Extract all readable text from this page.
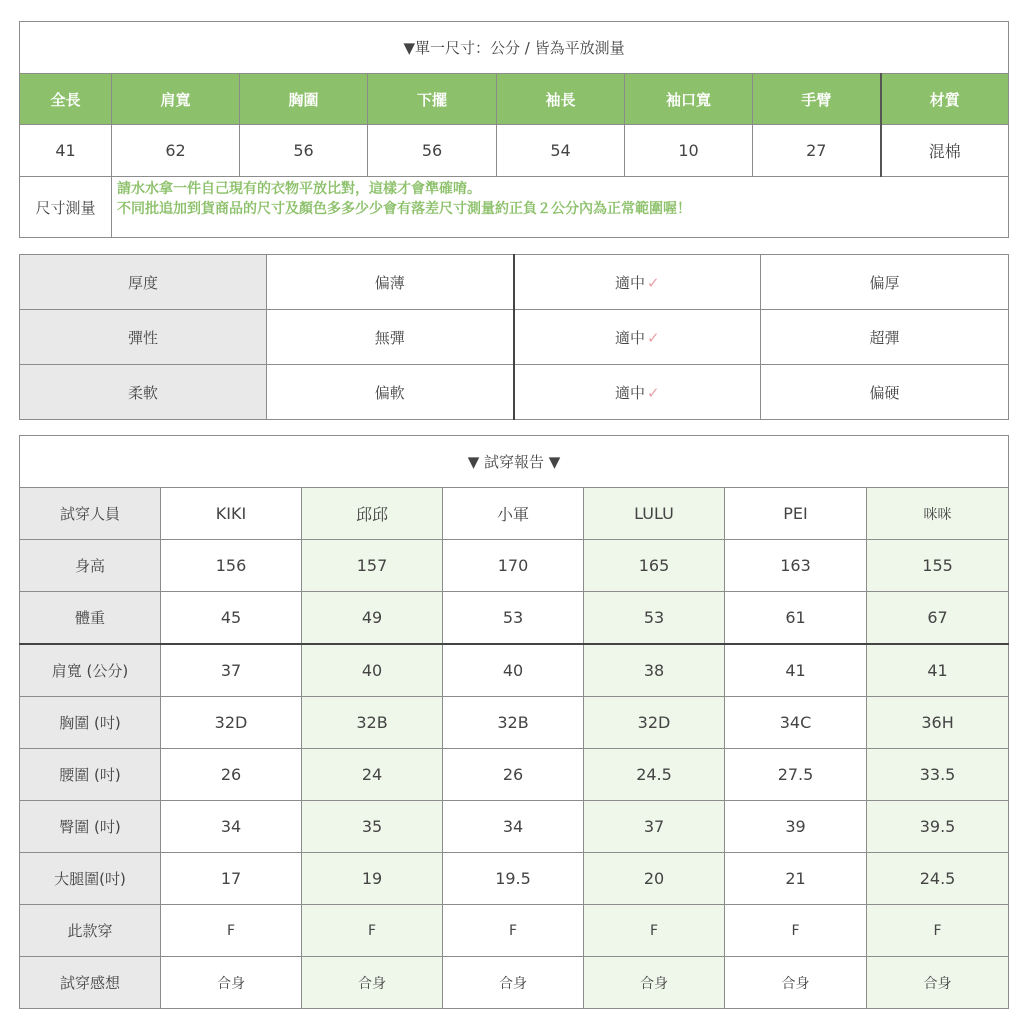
▼單一尺寸：公分 / 皆為平放測量							
全長	肩寬	胸圍	下擺	袖長	袖口寬	手臂	材質
41	62	56	56	54	10	27	混棉
尺寸測量	請水水拿一件自己現有的衣物平放比對，這樣才會準確唷。
不同批追加到貨商品的尺寸及顏色多多少少會有落差尺寸測量約正負２公分內為正常範圍喔！						
厚度	偏薄	適中 ✓	偏厚
彈性	無彈	適中 ✓	超彈
柔軟	偏軟	適中 ✓	偏硬
▼ 試穿報告 ▼						
試穿人員	KIKI	邱邱	小軍	LULU	PEI	咪咪
身高	156	157	170	165	163	155
體重	45	49	53	53	61	67
肩寬 (公分)	37	40	40	38	41	41
胸圍 (吋)	32D	32B	32B	32D	34C	36H
腰圍 (吋)	26	24	26	24.5	27.5	33.5
臀圍 (吋)	34	35	34	37	39	39.5
大腿圍(吋)	17	19	19.5	20	21	24.5
此款穿	F	F	F	F	F	F
試穿感想	合身	合身	合身	合身	合身	合身
